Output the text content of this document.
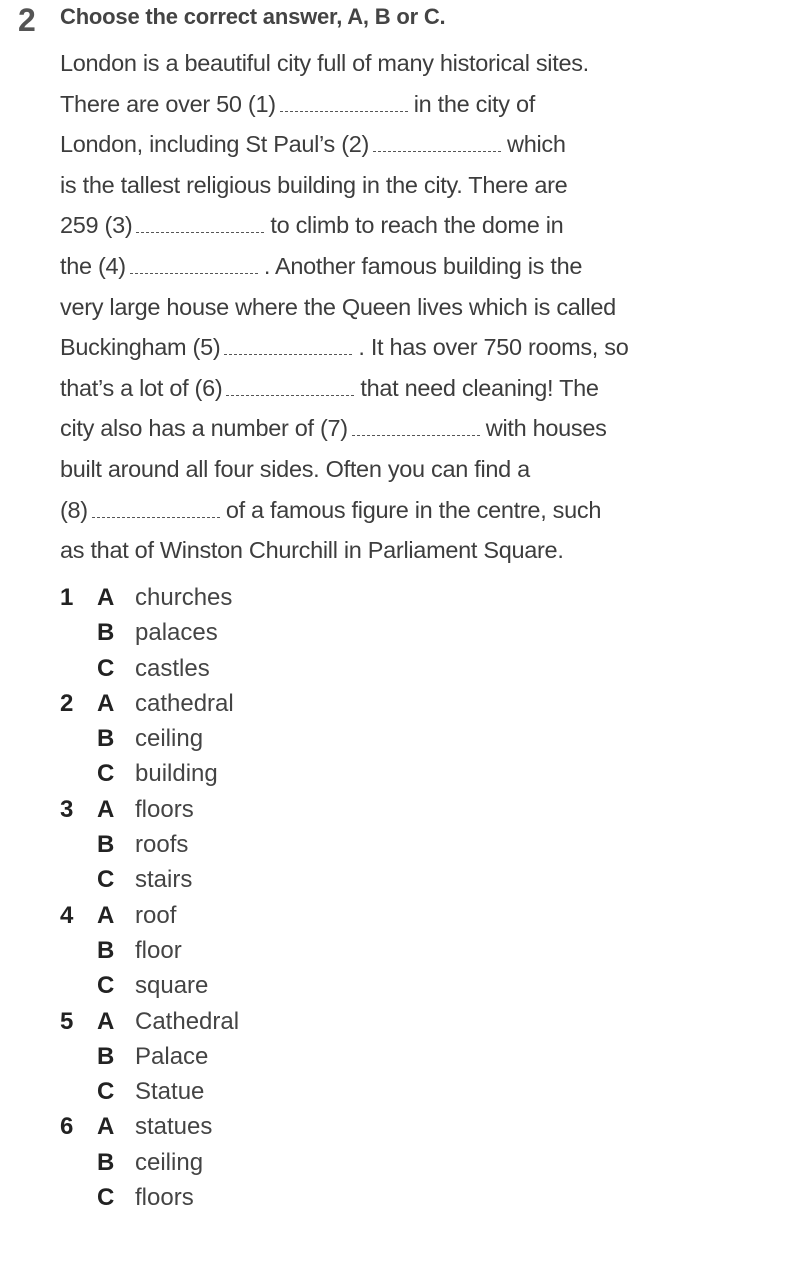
2 Choose the correct answer, A, B or C.
London is a beautiful city full of many historical sites.
There are over 50 (1)	in the city of
London, including St Paul’s (2)	which
is the tallest religious building in the city. There are
259 (3)	to climb to reach the dome in
the (4)	. Another famous building is the
very large house where the Queen lives which is called
Buckingham (5)	. It has over 750 rooms, so
that’s a lot of (6)	that need cleaning! The
city also has a number of (7)	with houses
built around all four sides. Often you can find a
(8)	of a famous figure in the centre, such
as that of Winston Churchill in Parliament Square.
1 A churches
B palaces
C castles
2 A cathedral
B ceiling
C building
3 A floors
B roofs
C stairs
4 A roof
B floor
C square
5 A Cathedral
B Palace
C Statue
6 A statues
B ceiling
C floors
